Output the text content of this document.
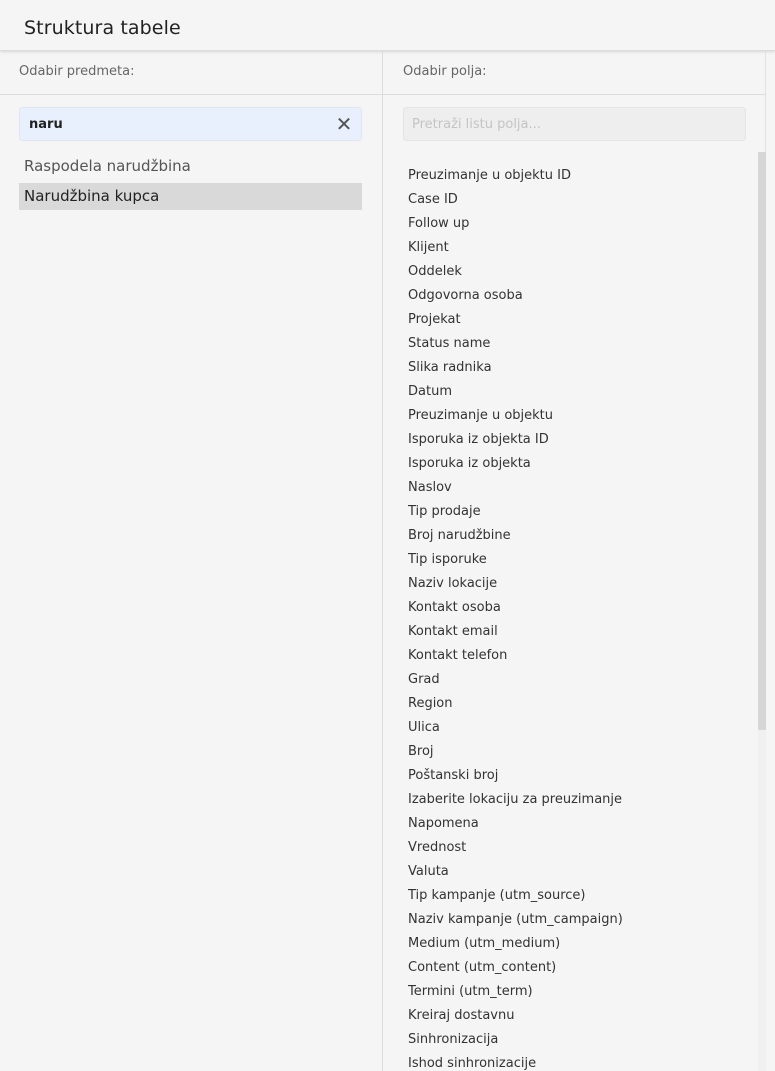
Struktura tabele
Odabir predmeta:	Odabir polja:
naru	✕
Raspodela narudžbina
Narudžbina kupca
Pretraži listu polja...
Preuzimanje u objektu ID
Case ID
Follow up
Klijent
Oddelek
Odgovorna osoba
Projekat
Status name
Slika radnika
Datum
Preuzimanje u objektu
Isporuka iz objekta ID
Isporuka iz objekta
Naslov
Tip prodaje
Broj narudžbine
Tip isporuke
Naziv lokacije
Kontakt osoba
Kontakt email
Kontakt telefon
Grad
Region
Ulica
Broj
Poštanski broj
Izaberite lokaciju za preuzimanje
Napomena
Vrednost
Valuta
Tip kampanje (utm_source)
Naziv kampanje (utm_campaign)
Medium (utm_medium)
Content (utm_content)
Termini (utm_term)
Kreiraj dostavnu
Sinhronizacija
Ishod sinhronizacije
